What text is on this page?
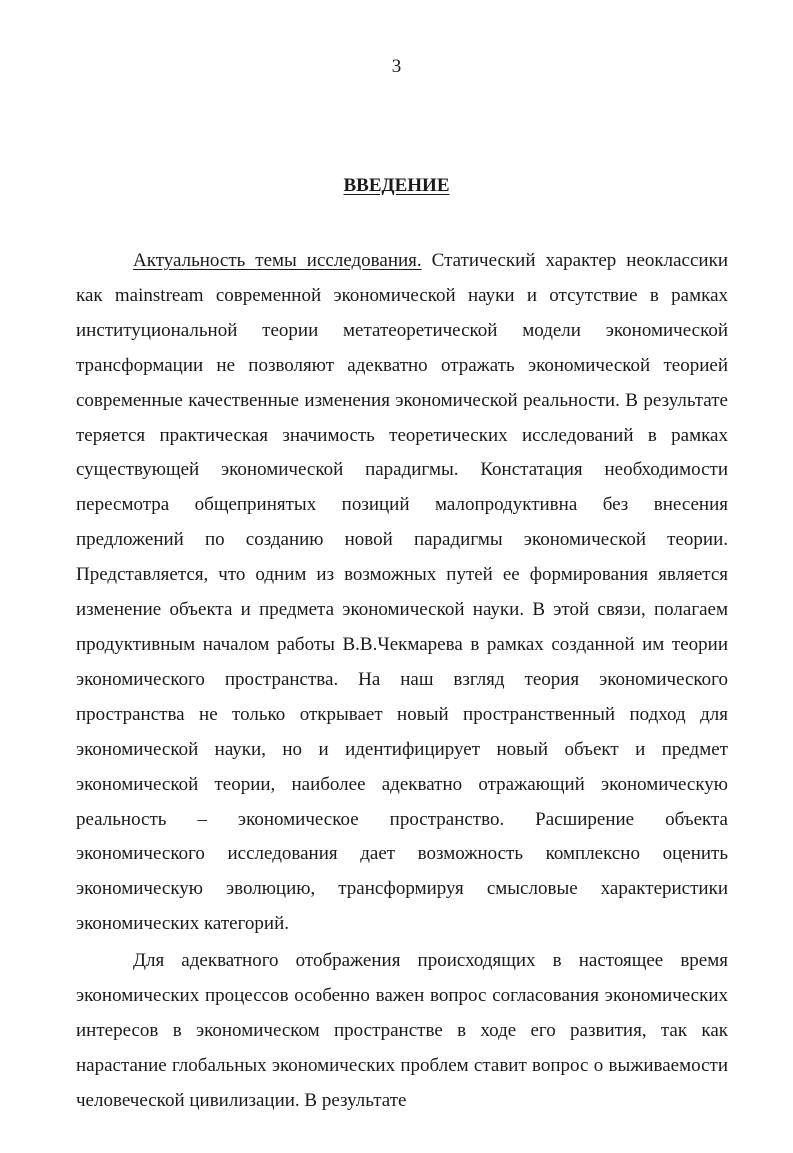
3
ВВЕДЕНИЕ

Актуальность темы исследования. Статический характер неоклассики как mainstream современной экономической науки и отсутствие в рамках институциональной теории метатеоретической модели экономической трансформации не позволяют адекватно отражать экономической теорией современные качественные изменения экономической реальности. В результате теряется практическая значимость теоретических исследований в рамках существующей экономической парадигмы. Констатация необходимости пересмотра общепринятых позиций малопродуктивна без внесения предложений по созданию новой парадигмы экономической теории. Представляется, что одним из возможных путей ее формирования является изменение объекта и предмета экономической науки. В этой связи, полагаем продуктивным началом работы В.В.Чекмарева в рамках созданной им теории экономического пространства. На наш взгляд теория экономического пространства не только открывает новый пространственный подход для экономической науки, но и идентифицирует новый объект и предмет экономической теории, наиболее адекватно отражающий экономическую реальность – экономическое пространство. Расширение объекта экономического исследования дает возможность комплексно оценить экономическую эволюцию, трансформируя смысловые характеристики экономических категорий.

Для адекватного отображения происходящих в настоящее время экономических процессов особенно важен вопрос согласования экономических интересов в экономическом пространстве в ходе его развития, так как нарастание глобальных экономических проблем ставит вопрос о выживаемости человеческой цивилизации. В результате
